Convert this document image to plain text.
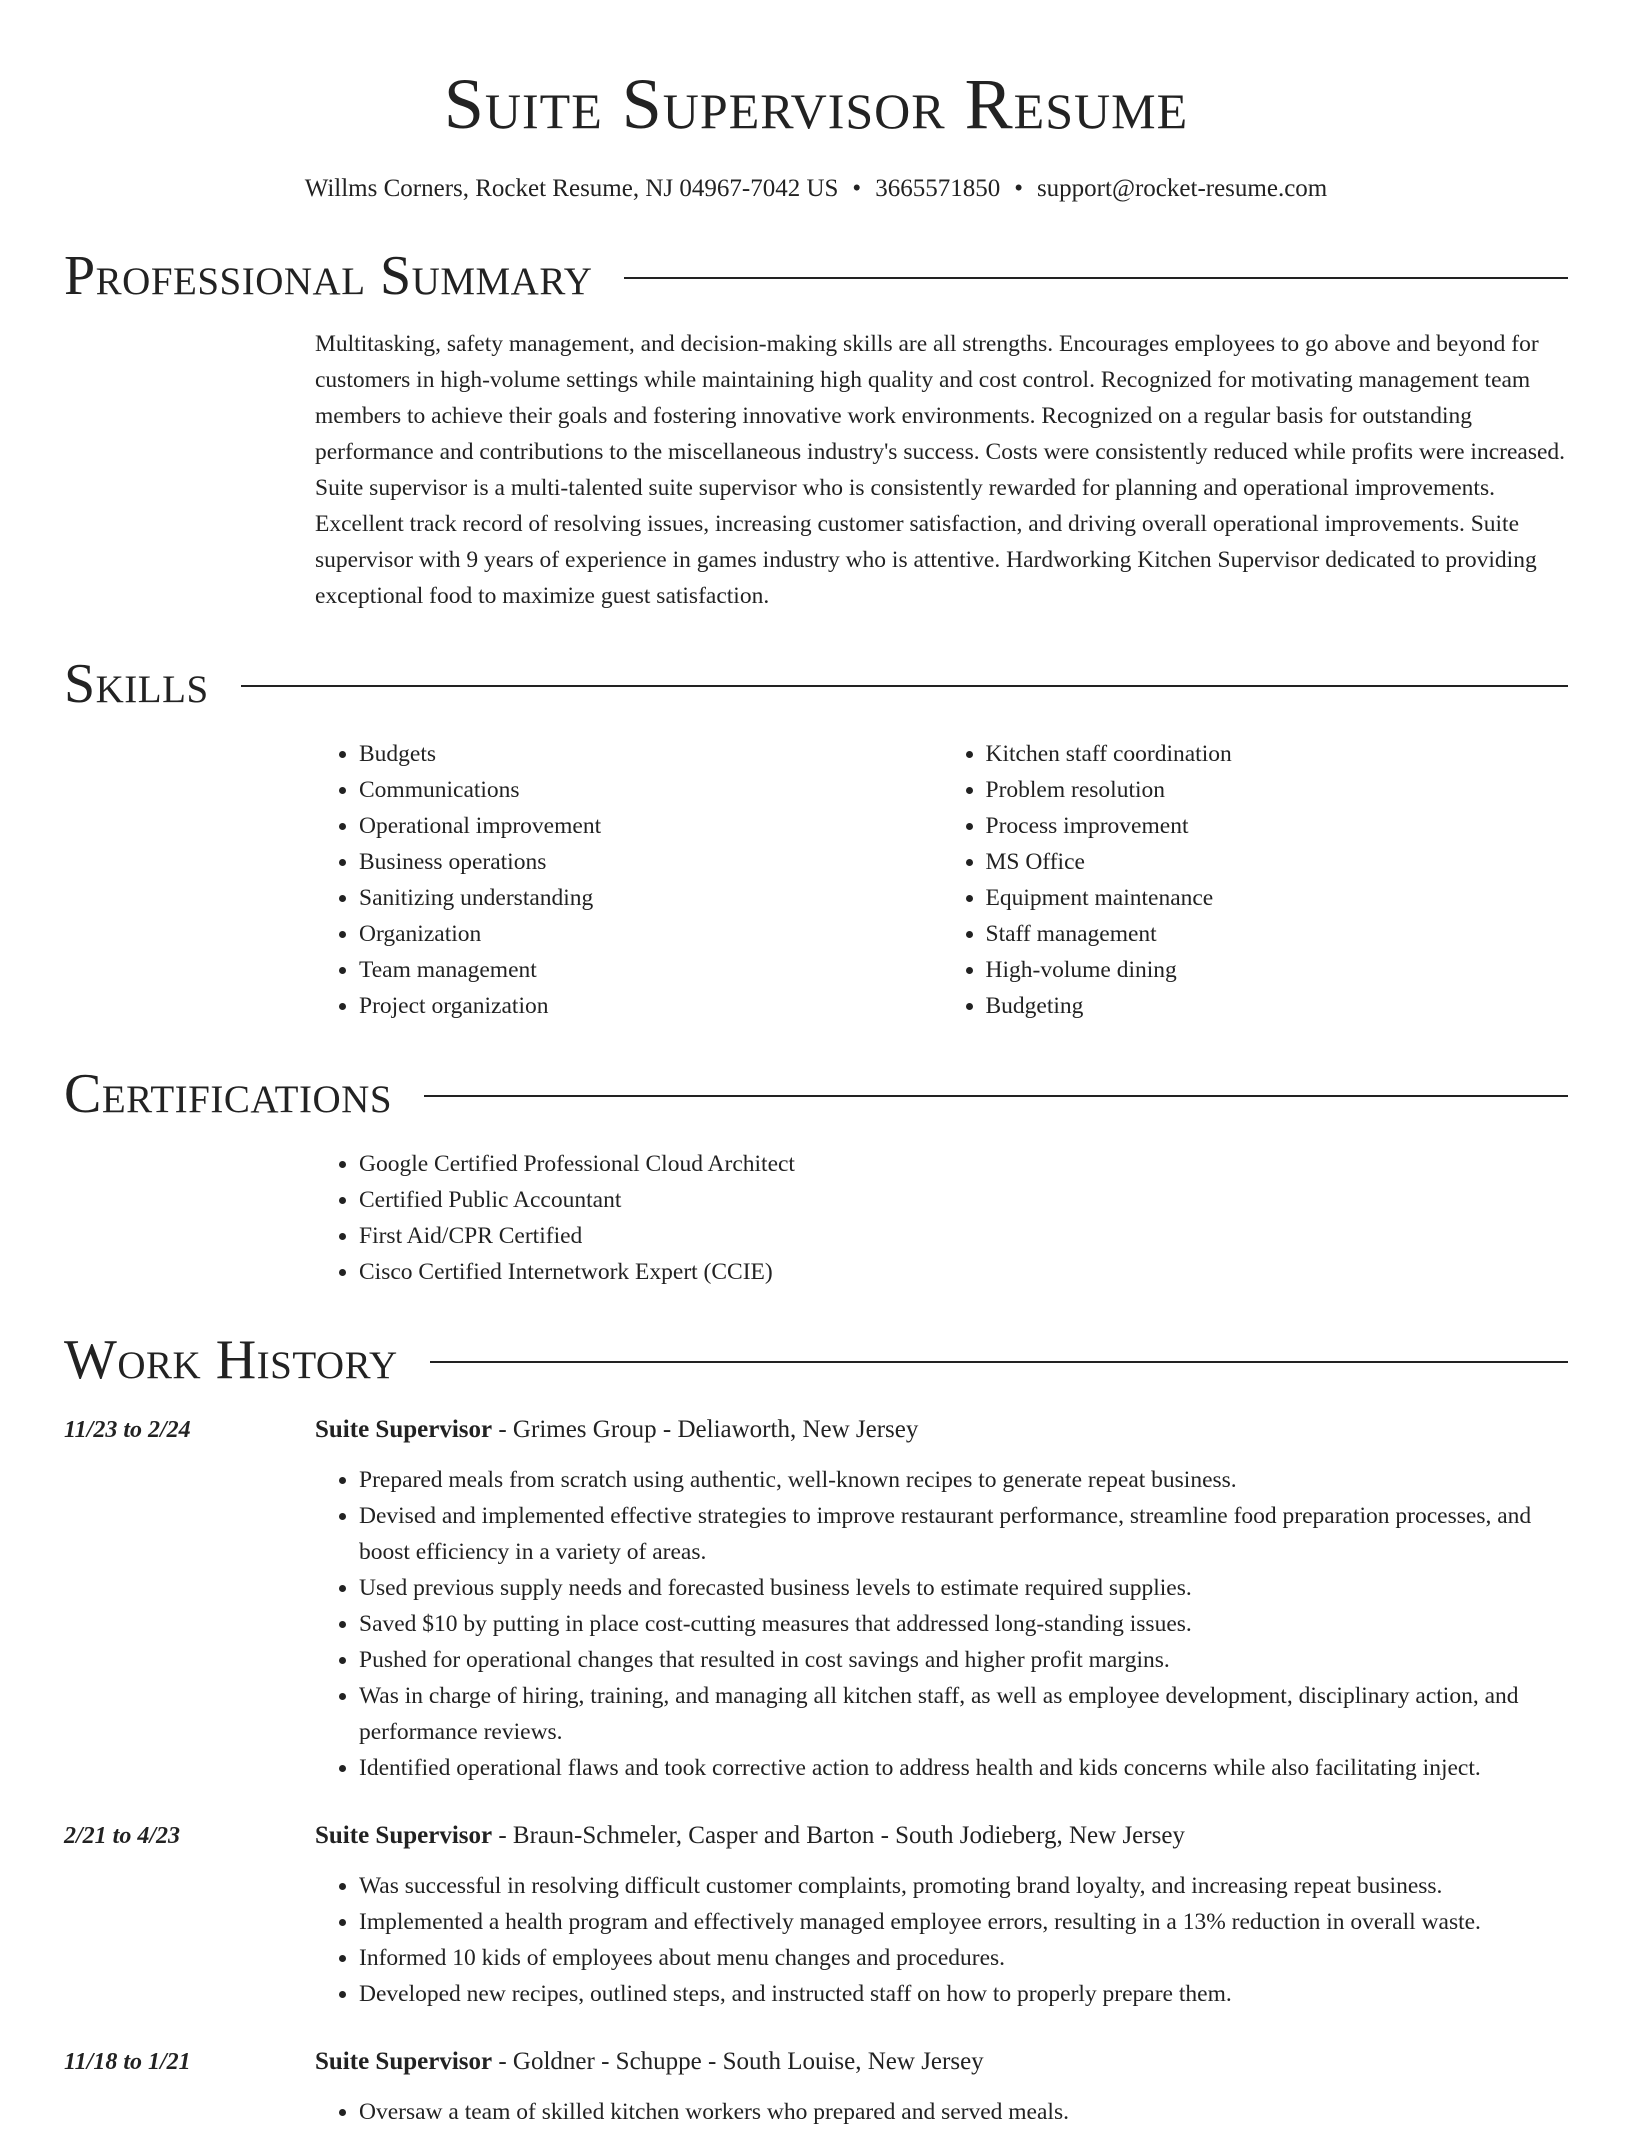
Suite Supervisor Resume
Willms Corners, Rocket Resume, NJ 04967-7042 US • 3665571850 • support@rocket-resume.com
Professional Summary
Multitasking, safety management, and decision-making skills are all strengths. Encourages employees to go above and beyond for customers in high-volume settings while maintaining high quality and cost control. Recognized for motivating management team members to achieve their goals and fostering innovative work environments. Recognized on a regular basis for outstanding performance and contributions to the miscellaneous industry's success. Costs were consistently reduced while profits were increased. Suite supervisor is a multi-talented suite supervisor who is consistently rewarded for planning and operational improvements. Excellent track record of resolving issues, increasing customer satisfaction, and driving overall operational improvements. Suite supervisor with 9 years of experience in games industry who is attentive. Hardworking Kitchen Supervisor dedicated to providing exceptional food to maximize guest satisfaction.
Skills
• Budgets
• Communications
• Operational improvement
• Business operations
• Sanitizing understanding
• Organization
• Team management
• Project organization
• Kitchen staff coordination
• Problem resolution
• Process improvement
• MS Office
• Equipment maintenance
• Staff management
• High-volume dining
• Budgeting
Certifications
• Google Certified Professional Cloud Architect
• Certified Public Accountant
• First Aid/CPR Certified
• Cisco Certified Internetwork Expert (CCIE)
Work History
11/23 to 2/24	Suite Supervisor - Grimes Group - Deliaworth, New Jersey
• Prepared meals from scratch using authentic, well-known recipes to generate repeat business.
• Devised and implemented effective strategies to improve restaurant performance, streamline food preparation processes, and boost efficiency in a variety of areas.
• Used previous supply needs and forecasted business levels to estimate required supplies.
• Saved $10 by putting in place cost-cutting measures that addressed long-standing issues.
• Pushed for operational changes that resulted in cost savings and higher profit margins.
• Was in charge of hiring, training, and managing all kitchen staff, as well as employee development, disciplinary action, and performance reviews.
• Identified operational flaws and took corrective action to address health and kids concerns while also facilitating inject.
2/21 to 4/23	Suite Supervisor - Braun-Schmeler, Casper and Barton - South Jodieberg, New Jersey
• Was successful in resolving difficult customer complaints, promoting brand loyalty, and increasing repeat business.
• Implemented a health program and effectively managed employee errors, resulting in a 13% reduction in overall waste.
• Informed 10 kids of employees about menu changes and procedures.
• Developed new recipes, outlined steps, and instructed staff on how to properly prepare them.
11/18 to 1/21	Suite Supervisor - Goldner - Schuppe - South Louise, New Jersey
• Oversaw a team of skilled kitchen workers who prepared and served meals.
